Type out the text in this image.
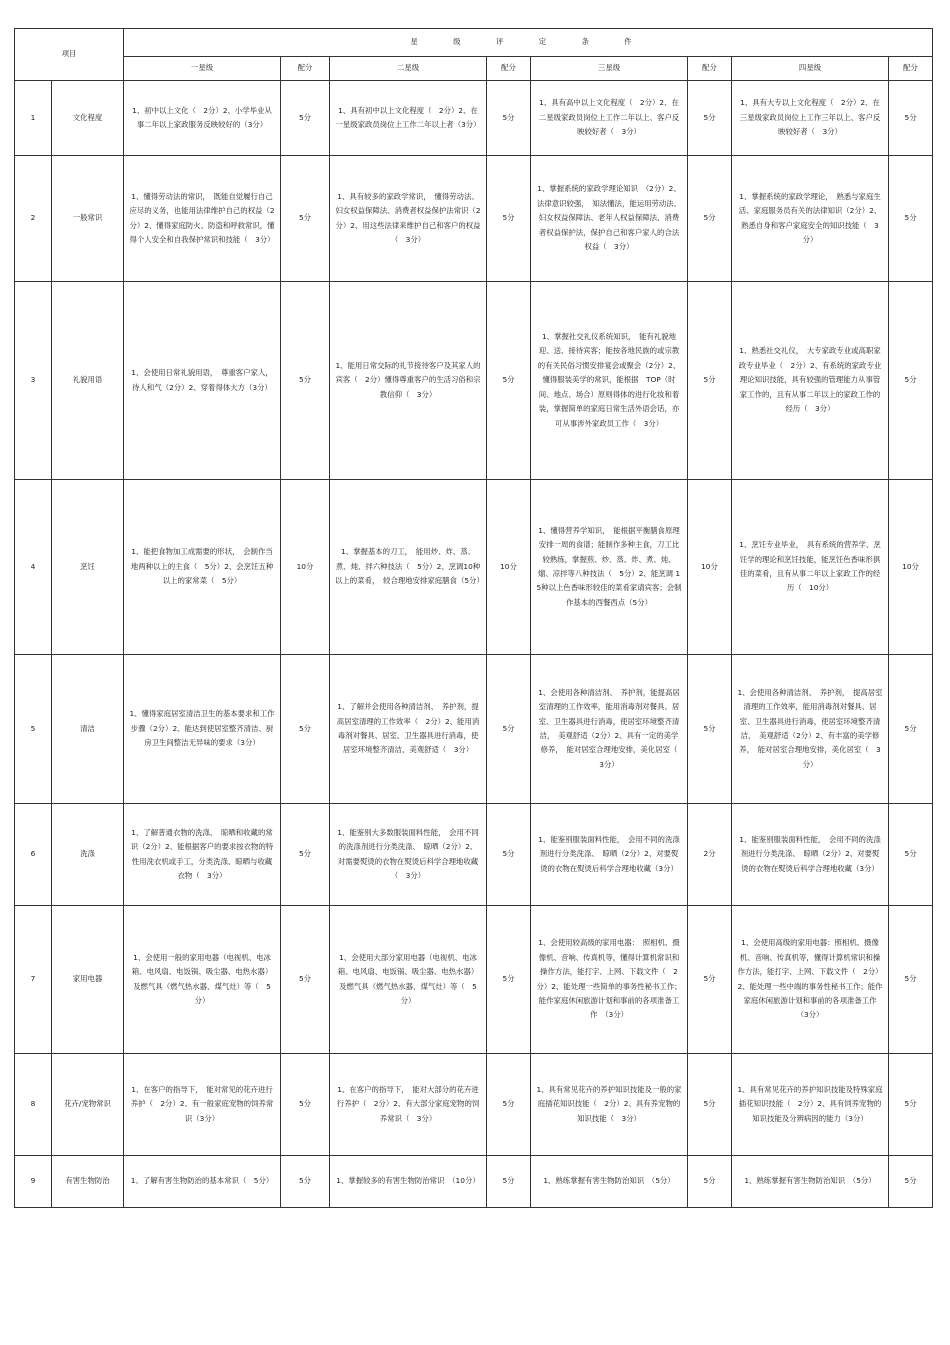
项目		星　级　评　定　条　件							
		一星级	配分	二星级	配分	三星级	配分	四星级	配分
1	文化程度	1、初中以上文化（　2分）2、小学毕业从事二年以上家政服务反映较好的（3分）	5分	1、具有初中以上文化程度（　2分）2、在一星级家政员岗位上工作二年以上者（3分）	5分	1、具有高中以上文化程度（　2分）2、在二星级家政员岗位上工作二年以上、客户反映较好者（　3分）	5分	1、具有大专以上文化程度（　2分）2、在三星级家政员岗位上工作三年以上、客户反映较好者（　3分）	5分
2	一般常识	1、懂得劳动法的常识，　既能自觉履行自己应尽的义务，也能用法律维护自己的权益（2分）2、懂得家庭防火、防盗和呼救常识，懂得个人安全和自我保护常识和技能（　3分）	5分	1、具有较多的家政学常识，　懂得劳动法、妇女权益保障法、消费者权益保护法常识（2分）2、用这些法律来维护自己和客户的权益（　3分）	5分	1、掌握系统的家政学理论知识　（2分）2、法律意识较强，　知法懂法，能运用劳动法、妇女权益保障法、老年人权益保障法、消费者权益保护法，保护自己和客户家人的合法权益（　3分）	5分	1、掌握系统的家政学理论，　熟悉与家庭生活、家庭服务员有关的法律知识（2分）2、熟悉自身和客户家庭安全的知识技能（　3分）	5分
3	礼貌用语	1、会使用日常礼貌用语，　尊重客户家人，待人和气（2分）2、穿着得体大方（3分）	5分	1、能用日常交际的礼节接待客户及其家人的宾客（　2分）懂得尊重客户的生活习俗和宗教信仰（　3分）	5分	1、掌握社交礼仪系统知识，　能有礼貌地迎、送、接待宾客；能按各地民族的或宗教的有关民俗习惯安排宴会或聚会（2分）2、懂得服装美学的常识，能根据　TOP（时间、地点、场合）原则得体的进行化妆和着装，掌握简单的家庭日常生活外语会话，亦可从事涉外家政员工作（　3分）	5分	1、熟悉社交礼仪，　大专家政专业或高职家政专业毕业（　2分）2、有系统的家政专业理论知识技能，具有较强的管理能力从事管家工作的，且有从事二年以上的家政工作的经历（　3分）	5分
4	烹饪	1、能把食物加工成需要的形状，　会制作当地两种以上的主食（　5分）2、会烹饪五种以上的家常菜（　5分）	10分	1、掌握基本的刀工，　能用炒、炸、蒸、煮、炖、拌六种技法（　5分）2、烹调10种以上的菜肴，　较合理地安排家庭膳食（5分）	10分	1、懂得营养学知识，　能根据平衡膳食原理安排一周的食谱；能制作多种主食，刀工比较熟练，掌握煎、炒、蒸、炸、煮、炖、熘、凉拌等八种技法（　5分）2、能烹调 15种以上色香味形较佳的菜肴家请宾客；会制作基本的西餐西点（5分）	10分	1、烹饪专业毕业，　具有系统的营养学、烹饪学的理论和烹饪技能，能烹饪色香味形俱佳的菜肴，且有从事二年以上家政工作的经历（　10分）	10分
5	清洁	1、懂得家庭居室清洁卫生的基本要求和工作步骤（2分）2、能达到使居室整齐清洁、厨房卫生间整洁无异味的要求（3分）	5分	1、了解并会使用各种清洁剂、　养护剂，提高居室清理的工作效率（　2分）2、能用消毒剂对餐具、居室、卫生器具进行消毒，使居室环境整齐清洁，美观舒适（　3分）	5分	1、会使用各种清洁剂、　养护剂，能提高居室清理的工作效率，能用消毒剂对餐具、居室、卫生器具进行消毒，使居室环境整齐清洁，　美观舒适（2分）2、具有一定的美学修养，　能对居室合理地安排，美化居室（　3分）	5分	1、会使用各种清洁剂、　养护剂，　提高居室清理的工作效率，能用消毒剂对餐具、居室、卫生器具进行消毒，使居室环境整齐清洁，　美观舒适（2分）2、有丰富的美学修养，　能对居室合理地安排，美化居室（　3分）	5分
6	洗涤	1、了解普通衣物的洗涤、　晾晒和收藏的常识（2分）2、能根据客户的要求按衣物的特性用洗衣机或手工，分类洗涤、晾晒与收藏衣物（　3分）	5分	1、能鉴别大多数服装面料性能，　会用不同的洗涤剂进行分类洗涤、　晾晒（2分）2、对需要熨烫的衣物在熨烫后科学合理地收藏（　3分）	5分	1、能鉴别服装面料性能，　会用不同的洗涤剂进行分类洗涤、　晾晒（2分）2、对要熨烫的衣物在熨烫后科学合理地收藏（3分）	2分	1、能鉴别服装面料性能，　会用不同的洗涤剂进行分类洗涤、　晾晒（2分）2、对要熨烫的衣物在熨烫后科学合理地收藏（3分）	5分
7	家用电器	1、会使用一般的家用电器（电视机、电冰箱、电风扇、电饭锅、吸尘器、电热水器）及燃气具（燃气热水器、煤气灶）等（　5分）	5分	1、会使用大部分家用电器（电视机、电冰箱、电风扇、电饭锅、吸尘器、电热水器）及燃气具（燃气热水器、煤气灶）等（　5分）	5分	1、会使用较高级的家用电器：　照相机、摄像机、音响、传真机等，懂得计算机常识和操作方法，能打字、上网、下载文件（　2分）2、能处理一些简单的事务性秘书工作；能作家庭休闲旅游计划和事前的各项准备工作　（3分）	5分	1、会使用高级的家用电器：照相机、摄像机、音响、传真机等，懂得计算机常识和操作方法，能打字、上网、下载文件（　2分）2、能处理一些中端的事务性秘书工作；能作家庭休闲旅游计划和事前的各项准备工作　（3分）	5分
8	花卉/宠物常识	1、在客户的指导下，　能对常见的花卉进行养护（　2分）2、有一般家庭宠物的饲养常识（3分）	5分	1、在客户的指导下，　能对大部分的花卉进行养护（　2分）2、有大部分家庭宠物的饲养常识（　3分）	5分	1、具有常见花卉的养护知识技能及一般的家庭插花知识技能（　2分）2、具有养宠物的知识技能（　3分）	5分	1、具有常见花卉的养护知识技能及特殊家庭插花知识技能（　2分）2、具有饲养宠物的知识技能及分辨病因的能力（3分）	5分
9	有害生物防治	1、了解有害生物防治的基本常识（　5分）	5分	1、掌握较多的有害生物防治常识　（10分）	5分	1、熟练掌握有害生物防治知识　（5分）	5分	1、熟练掌握有害生物防治知识　（5分）	5分
